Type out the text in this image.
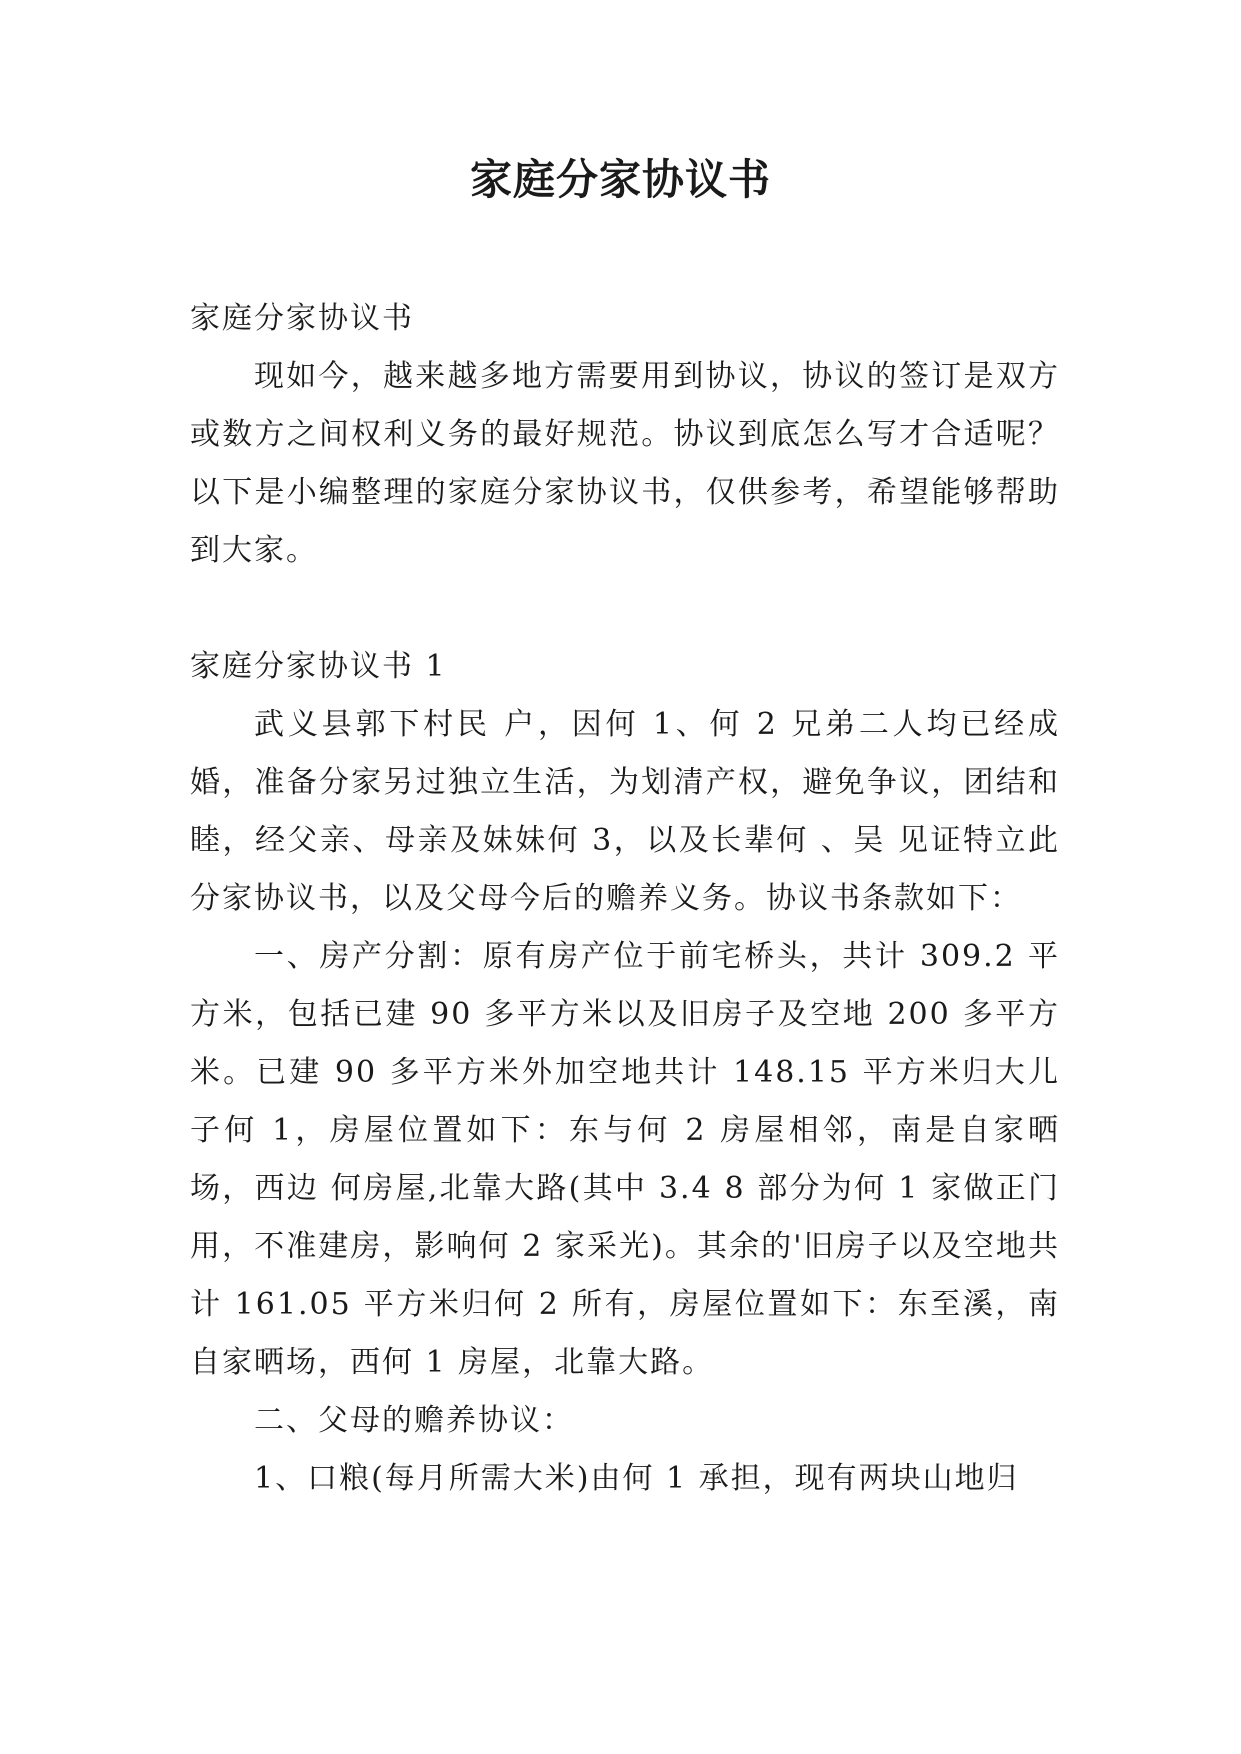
家庭分家协议书

家庭分家协议书

现如今，越来越多地方需要用到协议，协议的签订是双方或数方之间权利义务的最好规范。协议到底怎么写才合适呢？以下是小编整理的家庭分家协议书，仅供参考，希望能够帮助到大家。

家庭分家协议书 1

武义县郭下村民 户，因何 1、何 2 兄弟二人均已经成婚，准备分家另过独立生活，为划清产权，避免争议，团结和睦，经父亲、母亲及妹妹何 3，以及长辈何 、吴 见证特立此分家协议书，以及父母今后的赡养义务。协议书条款如下：

一、房产分割：原有房产位于前宅桥头，共计 309.2 平方米，包括已建 90 多平方米以及旧房子及空地 200 多平方米。已建 90 多平方米外加空地共计 148.15 平方米归大儿子何 1，房屋位置如下：东与何 2 房屋相邻，南是自家晒场，西边 何房屋,北靠大路(其中 3.4 8 部分为何 1 家做正门用，不准建房，影响何 2 家采光)。其余的'旧房子以及空地共计 161.05 平方米归何 2 所有，房屋位置如下：东至溪，南自家晒场，西何 1 房屋，北靠大路。

二、父母的赡养协议：

1、口粮(每月所需大米)由何 1 承担，现有两块山地归
